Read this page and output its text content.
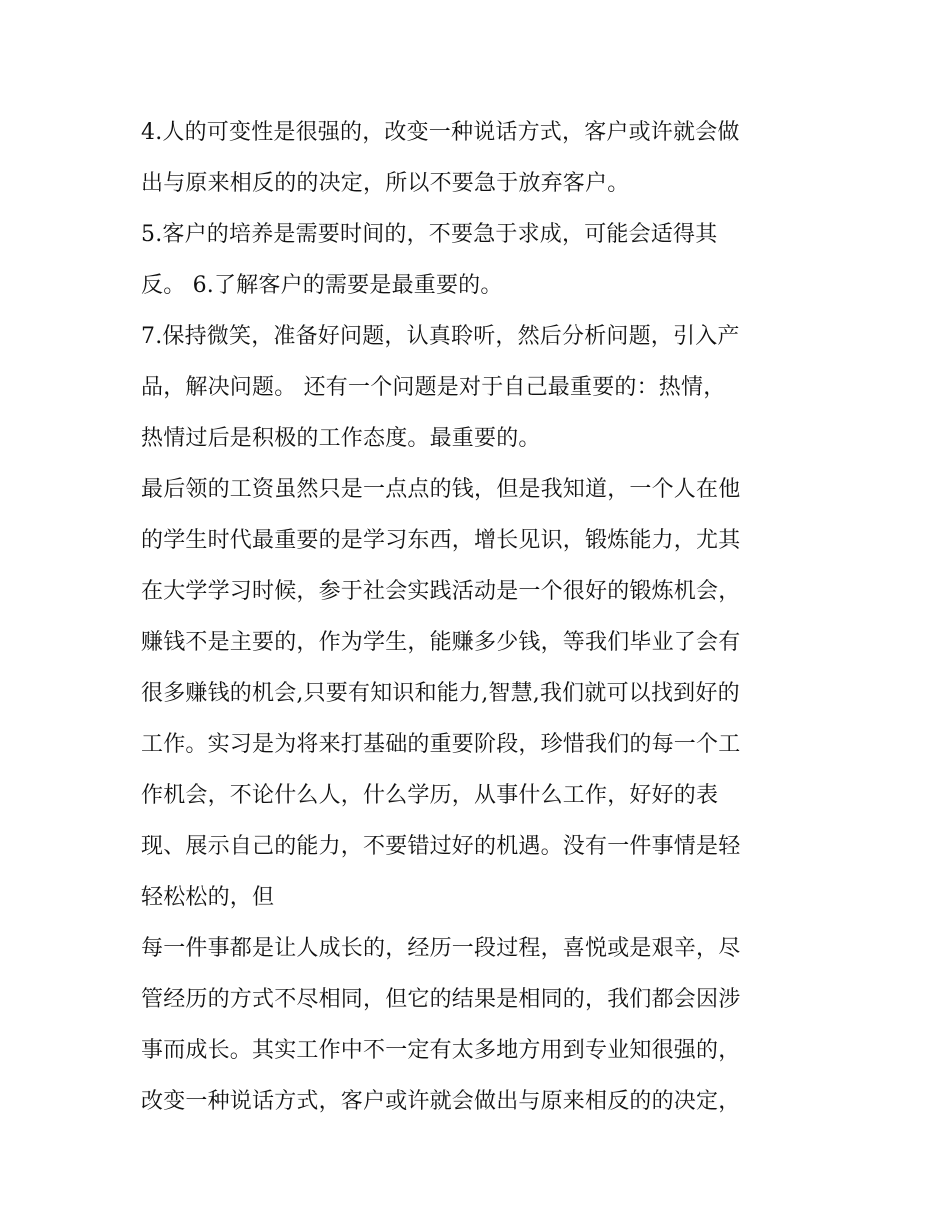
4.人的可变性是很强的，改变一种说话方式，客户或许就会做
出与原来相反的的决定，所以不要急于放弃客户。
5.客户的培养是需要时间的，不要急于求成，可能会适得其
反。 6.了解客户的需要是最重要的。
7.保持微笑，准备好问题，认真聆听，然后分析问题，引入产
品，解决问题。 还有一个问题是对于自己最重要的：热情，
热情过后是积极的工作态度。最重要的。
最后领的工资虽然只是一点点的钱，但是我知道，一个人在他
的学生时代最重要的是学习东西，增长见识，锻炼能力，尤其
在大学学习时候，参于社会实践活动是一个很好的锻炼机会，
赚钱不是主要的，作为学生，能赚多少钱，等我们毕业了会有
很多赚钱的机会,只要有知识和能力,智慧,我们就可以找到好的
工作。实习是为将来打基础的重要阶段，珍惜我们的每一个工
作机会，不论什么人，什么学历，从事什么工作，好好的表
现、展示自己的能力，不要错过好的机遇。没有一件事情是轻
轻松松的，但
每一件事都是让人成长的，经历一段过程，喜悦或是艰辛，尽
管经历的方式不尽相同，但它的结果是相同的，我们都会因涉
事而成长。其实工作中不一定有太多地方用到专业知很强的，
改变一种说话方式，客户或许就会做出与原来相反的的决定，
